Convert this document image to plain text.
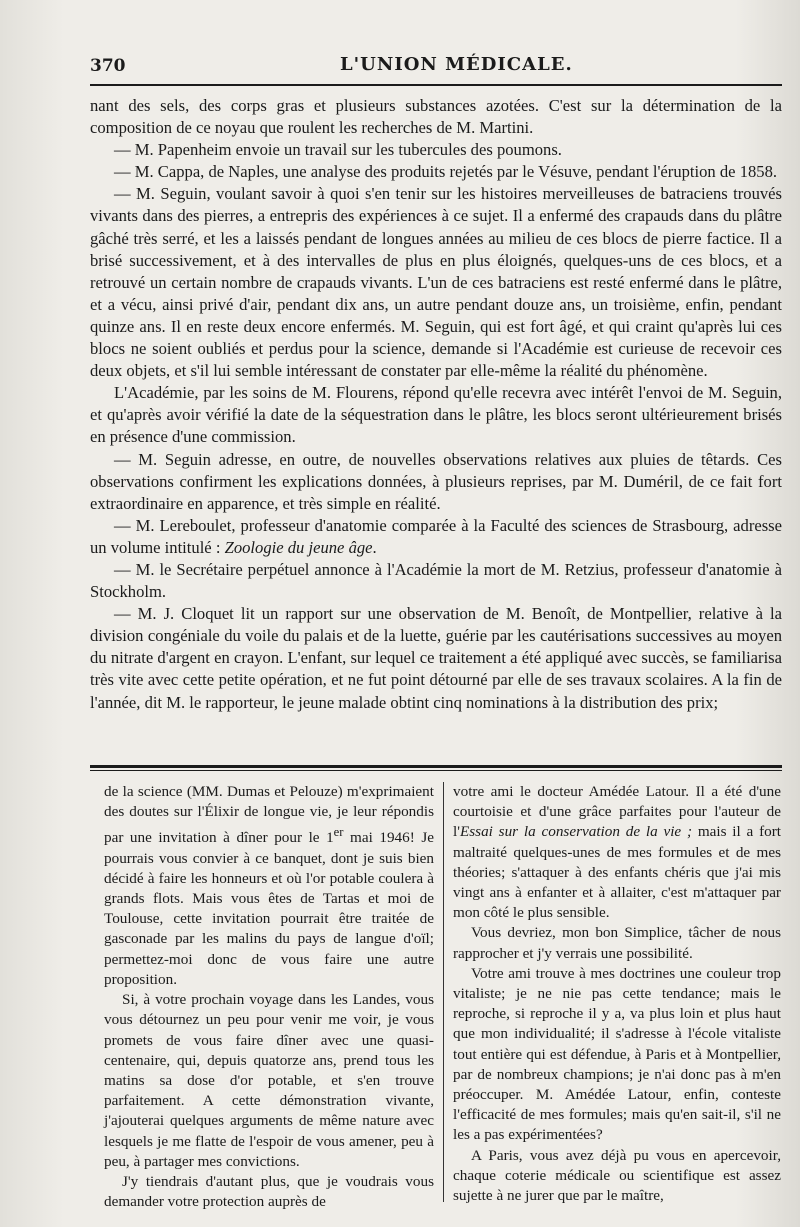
370	L'UNION MÉDICALE.

nant des sels, des corps gras et plusieurs substances azotées. C'est sur la détermination de la composition de ce noyau que roulent les recherches de M. Martini.

— M. Papenheim envoie un travail sur les tubercules des poumons.

— M. Cappa, de Naples, une analyse des produits rejetés par le Vésuve, pendant l'éruption de 1858.

— M. Seguin, voulant savoir à quoi s'en tenir sur les histoires merveilleuses de batraciens trouvés vivants dans des pierres, a entrepris des expériences à ce sujet. Il a enfermé des crapauds dans du plâtre gâché très serré, et les a laissés pendant de longues années au milieu de ces blocs de pierre factice. Il a brisé successivement, et à des intervalles de plus en plus éloignés, quelques-uns de ces blocs, et a retrouvé un certain nombre de crapauds vivants. L'un de ces batraciens est resté enfermé dans le plâtre, et a vécu, ainsi privé d'air, pendant dix ans, un autre pendant douze ans, un troisième, enfin, pendant quinze ans. Il en reste deux encore enfermés. M. Seguin, qui est fort âgé, et qui craint qu'après lui ces blocs ne soient oubliés et perdus pour la science, demande si l'Académie est curieuse de recevoir ces deux objets, et s'il lui semble intéressant de constater par elle-même la réalité du phénomène.

L'Académie, par les soins de M. Flourens, répond qu'elle recevra avec intérêt l'envoi de M. Seguin, et qu'après avoir vérifié la date de la séquestration dans le plâtre, les blocs seront ultérieurement brisés en présence d'une commission.

— M. Seguin adresse, en outre, de nouvelles observations relatives aux pluies de têtards. Ces observations confirment les explications données, à plusieurs reprises, par M. Duméril, de ce fait fort extraordinaire en apparence, et très simple en réalité.

— M. Lereboulet, professeur d'anatomie comparée à la Faculté des sciences de Strasbourg, adresse un volume intitulé : Zoologie du jeune âge.

— M. le Secrétaire perpétuel annonce à l'Académie la mort de M. Retzius, professeur d'anatomie à Stockholm.

— M. J. Cloquet lit un rapport sur une observation de M. Benoît, de Montpellier, relative à la division congéniale du voile du palais et de la luette, guérie par les cautérisations successives au moyen du nitrate d'argent en crayon. L'enfant, sur lequel ce traitement a été appliqué avec succès, se familiarisa très vite avec cette petite opération, et ne fut point détourné par elle de ses travaux scolaires. A la fin de l'année, dit M. le rapporteur, le jeune malade obtint cinq nominations à la distribution des prix;

de la science (MM. Dumas et Pelouze) m'exprimaient des doutes sur l'Élixir de longue vie, je leur répondis par une invitation à dîner pour le 1er mai 1946! Je pourrais vous convier à ce banquet, dont je suis bien décidé à faire les honneurs et où l'or potable coulera à grands flots. Mais vous êtes de Tartas et moi de Toulouse, cette invitation pourrait être traitée de gasconade par les malins du pays de langue d'oïl; permettez-moi donc de vous faire une autre proposition.

Si, à votre prochain voyage dans les Landes, vous vous détournez un peu pour venir me voir, je vous promets de vous faire dîner avec une quasi-centenaire, qui, depuis quatorze ans, prend tous les matins sa dose d'or potable, et s'en trouve parfaitement. A cette démonstration vivante, j'ajouterai quelques arguments de même nature avec lesquels je me flatte de l'espoir de vous amener, peu à peu, à partager mes convictions.

J'y tiendrais d'autant plus, que je voudrais vous demander votre protection auprès de

votre ami le docteur Amédée Latour. Il a été d'une courtoisie et d'une grâce parfaites pour l'auteur de l'Essai sur la conservation de la vie ; mais il a fort maltraité quelques-unes de mes formules et de mes théories; s'attaquer à des enfants chéris que j'ai mis vingt ans à enfanter et à allaiter, c'est m'attaquer par mon côté le plus sensible.

Vous devriez, mon bon Simplice, tâcher de nous rapprocher et j'y verrais une possibilité.

Votre ami trouve à mes doctrines une couleur trop vitaliste; je ne nie pas cette tendance; mais le reproche, si reproche il y a, va plus loin et plus haut que mon individualité; il s'adresse à l'école vitaliste tout entière qui est défendue, à Paris et à Montpellier, par de nombreux champions; je n'ai donc pas à m'en préoccuper. M. Amédée Latour, enfin, conteste l'efficacité de mes formules; mais qu'en sait-il, s'il ne les a pas expérimentées?

A Paris, vous avez déjà pu vous en apercevoir, chaque coterie médicale ou scientifique est assez sujette à ne jurer que par le maître,
